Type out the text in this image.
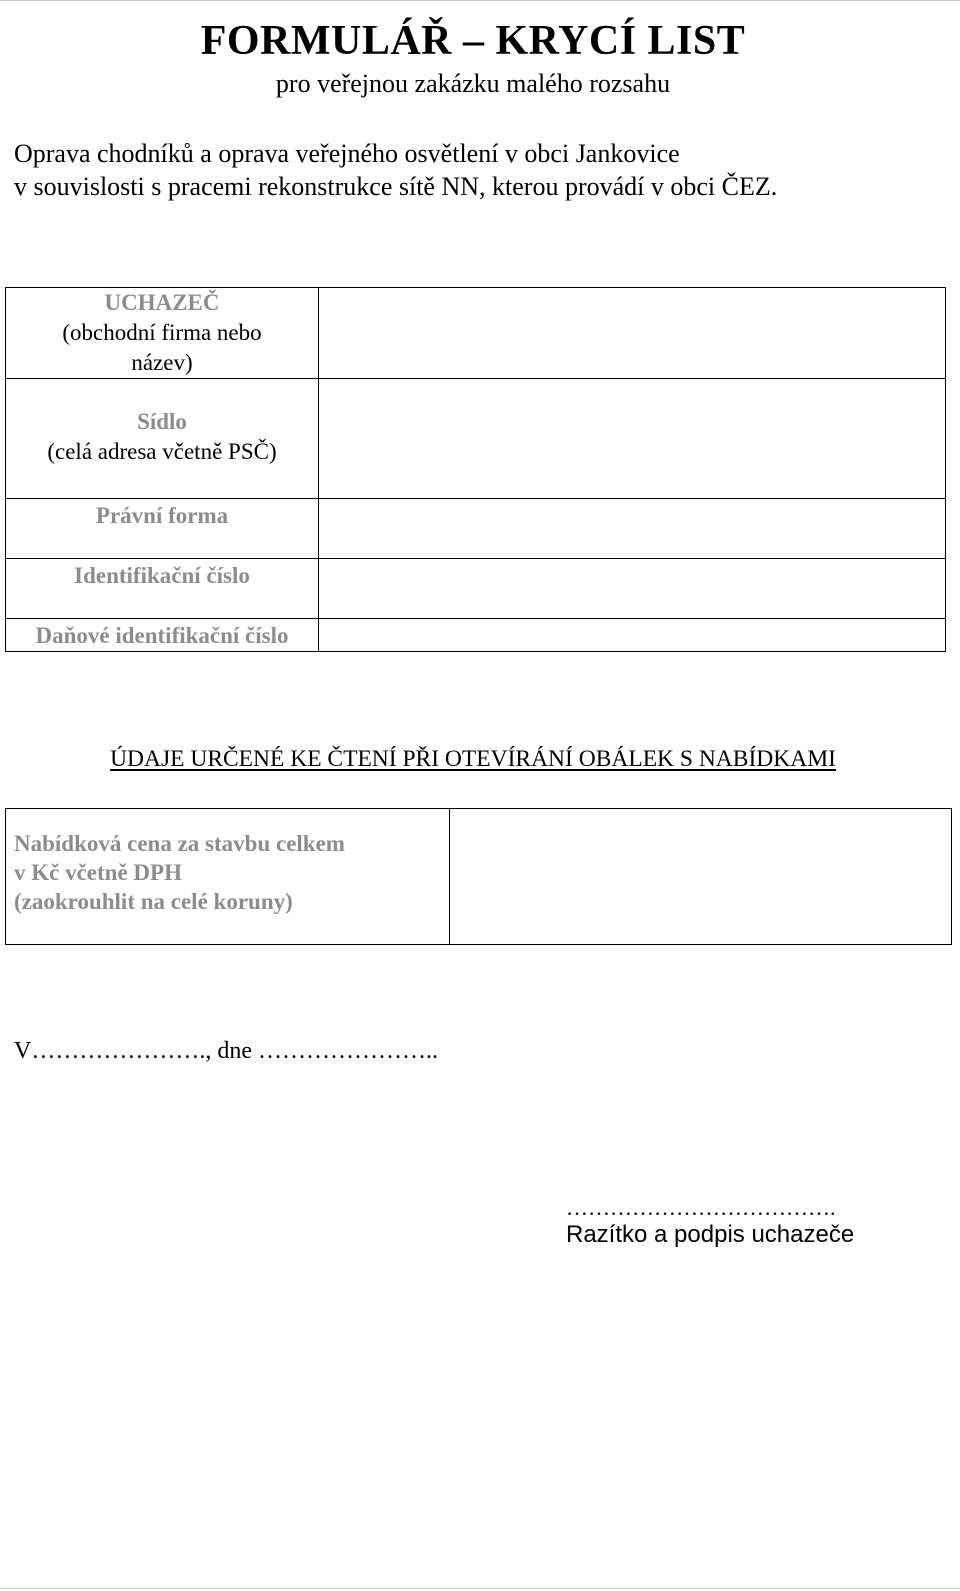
FORMULÁŘ – KRYCÍ LIST
pro veřejnou zakázku malého rozsahu
Oprava chodníků a oprava veřejného osvětlení v obci Jankovice
v souvislosti s pracemi rekonstrukce sítě NN, kterou provádí v obci ČEZ.
UCHAZEČ
(obchodní firma nebo
název)	

Sídlo
(celá adresa včetně PSČ)	

Právní forma	

Identifikační číslo	

Daňové identifikační číslo	

ÚDAJE URČENÉ KE ČTENÍ PŘI OTEVÍRÁNÍ OBÁLEK S NABÍDKAMI
Nabídková cena za stavbu celkem
v Kč včetně DPH
(zaokrouhlit na celé koruny)

V…………………., dne …………………..
……………………………….
Razítko a podpis uchazeče
